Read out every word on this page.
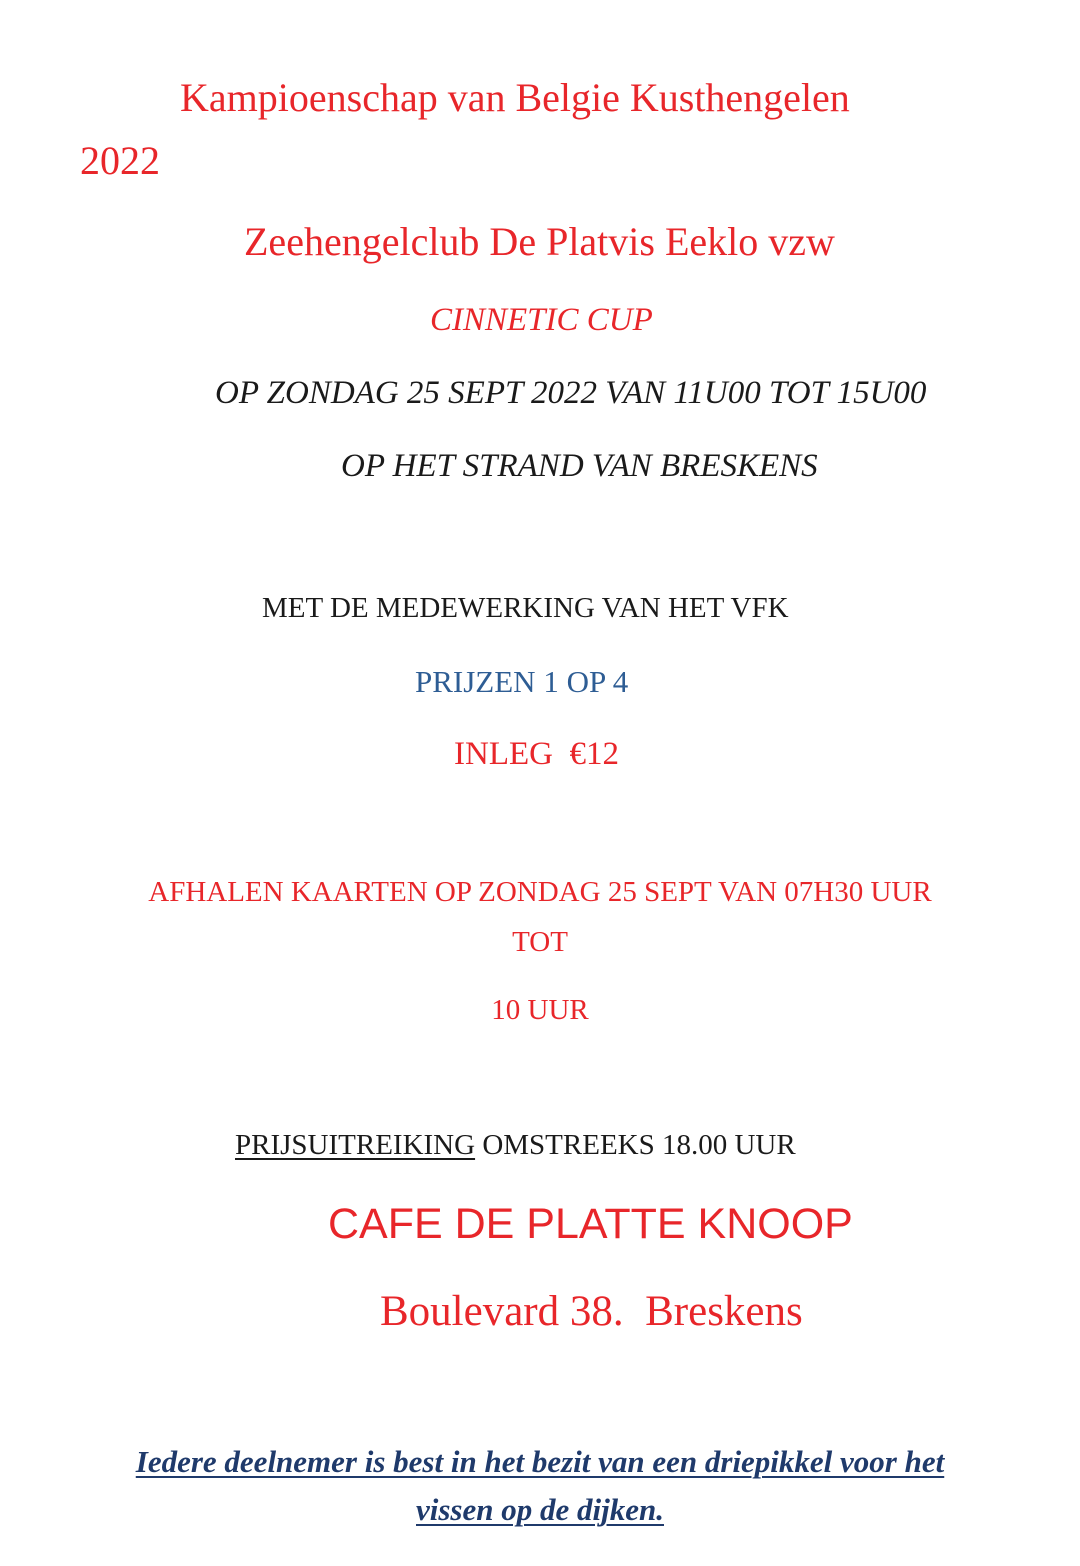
Kampioenschap van Belgie Kusthengelen
2022
Zeehengelclub De Platvis Eeklo vzw
CINNETIC CUP
OP ZONDAG 25 SEPT 2022 VAN 11U00 TOT 15U00
OP HET STRAND VAN BRESKENS
MET DE MEDEWERKING VAN HET VFK
PRIJZEN 1 OP 4
INLEG  €12
AFHALEN KAARTEN OP ZONDAG 25 SEPT VAN 07H30 UUR
TOT
10 UUR
PRIJSUITREIKING OMSTREEKS 18.00 UUR
CAFE DE PLATTE KNOOP
Boulevard 38.  Breskens
Iedere deelnemer is best in het bezit van een driepikkel voor het
vissen op de dijken.
